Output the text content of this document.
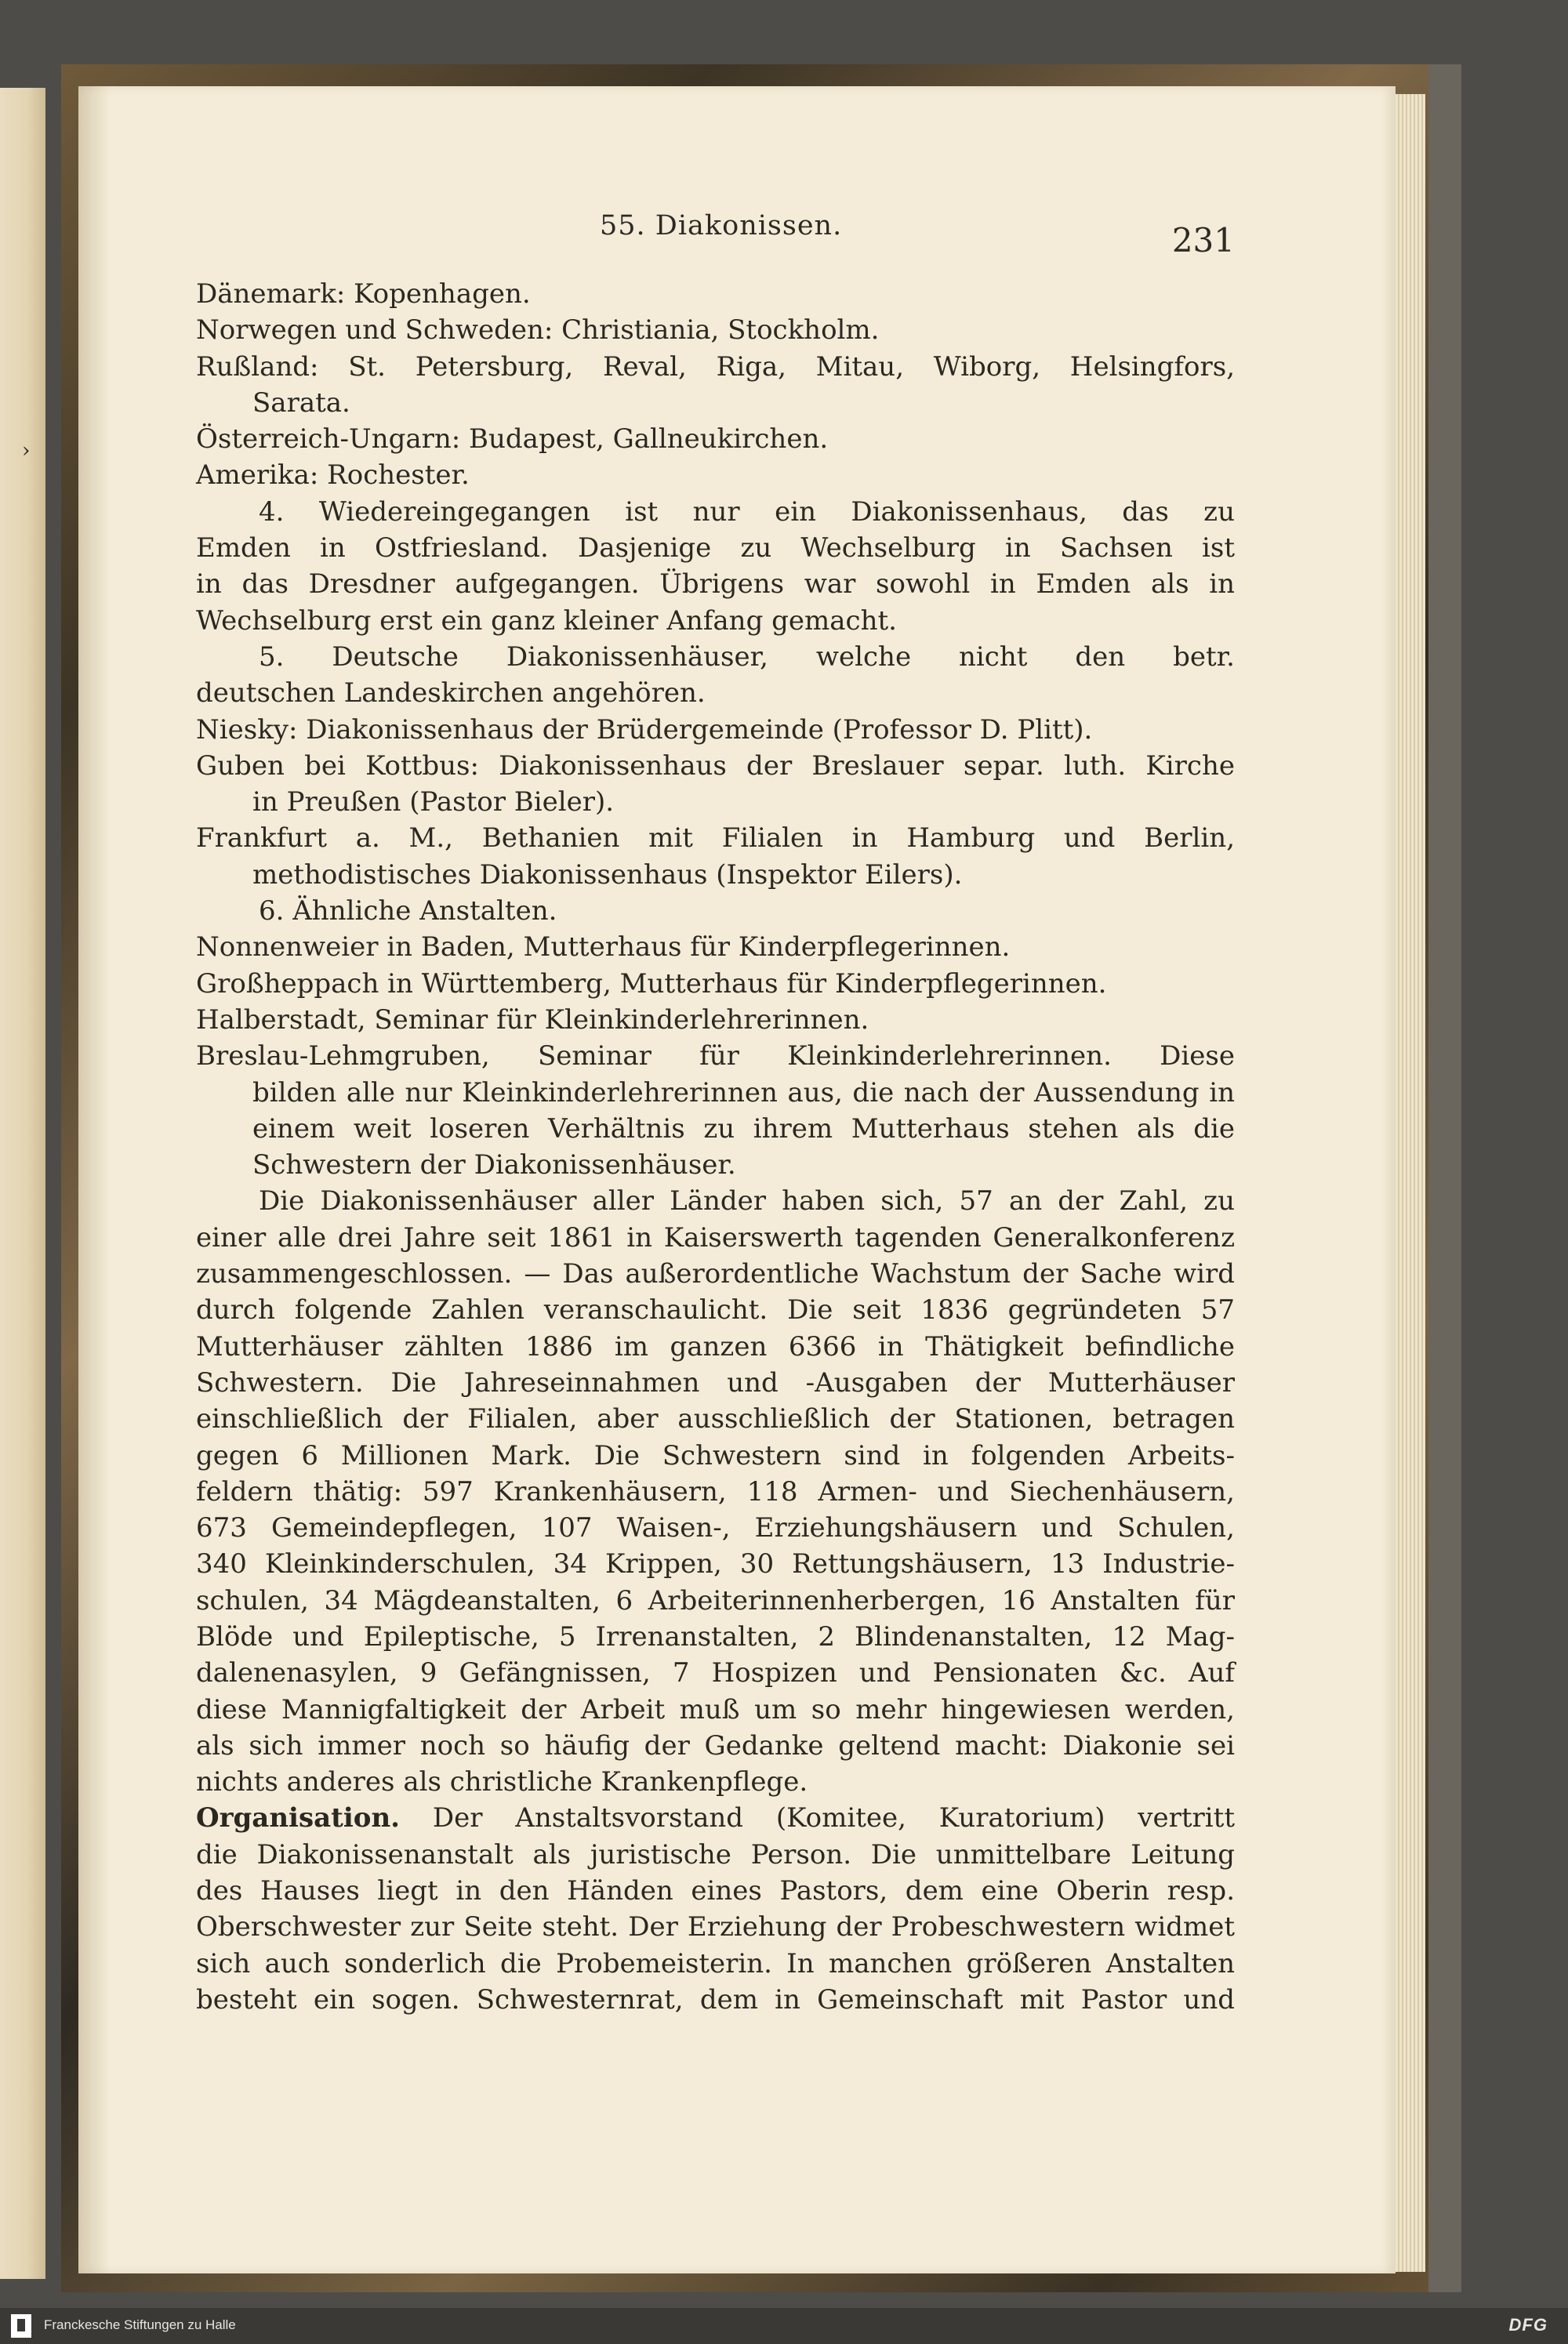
›
55. Diakonissen.	231
Dänemark: Kopenhagen.
Norwegen und Schweden: Christiania, Stockholm.
Rußland: St. Petersburg, Reval, Riga, Mitau, Wiborg, Helsingfors,
Sarata.
Österreich-Ungarn: Budapest, Gallneukirchen.
Amerika: Rochester.
4. Wiedereingegangen ist nur ein Diakonissenhaus, das zu
Emden in Ostfriesland. Dasjenige zu Wechselburg in Sachsen ist
in das Dresdner aufgegangen. Übrigens war sowohl in Emden als in
Wechselburg erst ein ganz kleiner Anfang gemacht.
5. Deutsche Diakonissenhäuser, welche nicht den betr.
deutschen Landeskirchen angehören.
Niesky: Diakonissenhaus der Brüdergemeinde (Professor D. Plitt).
Guben bei Kottbus: Diakonissenhaus der Breslauer separ. luth. Kirche
in Preußen (Pastor Bieler).
Frankfurt a. M., Bethanien mit Filialen in Hamburg und Berlin,
methodistisches Diakonissenhaus (Inspektor Eilers).
6. Ähnliche Anstalten.
Nonnenweier in Baden, Mutterhaus für Kinderpflegerinnen.
Großheppach in Württemberg, Mutterhaus für Kinderpflegerinnen.
Halberstadt, Seminar für Kleinkinderlehrerinnen.
Breslau-Lehmgruben, Seminar für Kleinkinderlehrerinnen. Diese
bilden alle nur Kleinkinderlehrerinnen aus, die nach der Aussendung in
einem weit loseren Verhältnis zu ihrem Mutterhaus stehen als die
Schwestern der Diakonissenhäuser.
Die Diakonissenhäuser aller Länder haben sich, 57 an der Zahl, zu
einer alle drei Jahre seit 1861 in Kaiserswerth tagenden Generalkonferenz
zusammengeschlossen. — Das außerordentliche Wachstum der Sache wird
durch folgende Zahlen veranschaulicht. Die seit 1836 gegründeten 57
Mutterhäuser zählten 1886 im ganzen 6366 in Thätigkeit befindliche
Schwestern. Die Jahreseinnahmen und -Ausgaben der Mutterhäuser
einschließlich der Filialen, aber ausschließlich der Stationen, betragen
gegen 6 Millionen Mark. Die Schwestern sind in folgenden Arbeits-
feldern thätig: 597 Krankenhäusern, 118 Armen- und Siechenhäusern,
673 Gemeindepflegen, 107 Waisen-, Erziehungshäusern und Schulen,
340 Kleinkinderschulen, 34 Krippen, 30 Rettungshäusern, 13 Industrie-
schulen, 34 Mägdeanstalten, 6 Arbeiterinnenherbergen, 16 Anstalten für
Blöde und Epileptische, 5 Irrenanstalten, 2 Blindenanstalten, 12 Mag-
dalenenasylen, 9 Gefängnissen, 7 Hospizen und Pensionaten &c. Auf
diese Mannigfaltigkeit der Arbeit muß um so mehr hingewiesen werden,
als sich immer noch so häufig der Gedanke geltend macht: Diakonie sei
nichts anderes als christliche Krankenpflege.
Organisation. Der Anstaltsvorstand (Komitee, Kuratorium) vertritt
die Diakonissenanstalt als juristische Person. Die unmittelbare Leitung
des Hauses liegt in den Händen eines Pastors, dem eine Oberin resp.
Oberschwester zur Seite steht. Der Erziehung der Probeschwestern widmet
sich auch sonderlich die Probemeisterin. In manchen größeren Anstalten
besteht ein sogen. Schwesternrat, dem in Gemeinschaft mit Pastor und
Franckesche Stiftungen zu Halle	DFG
